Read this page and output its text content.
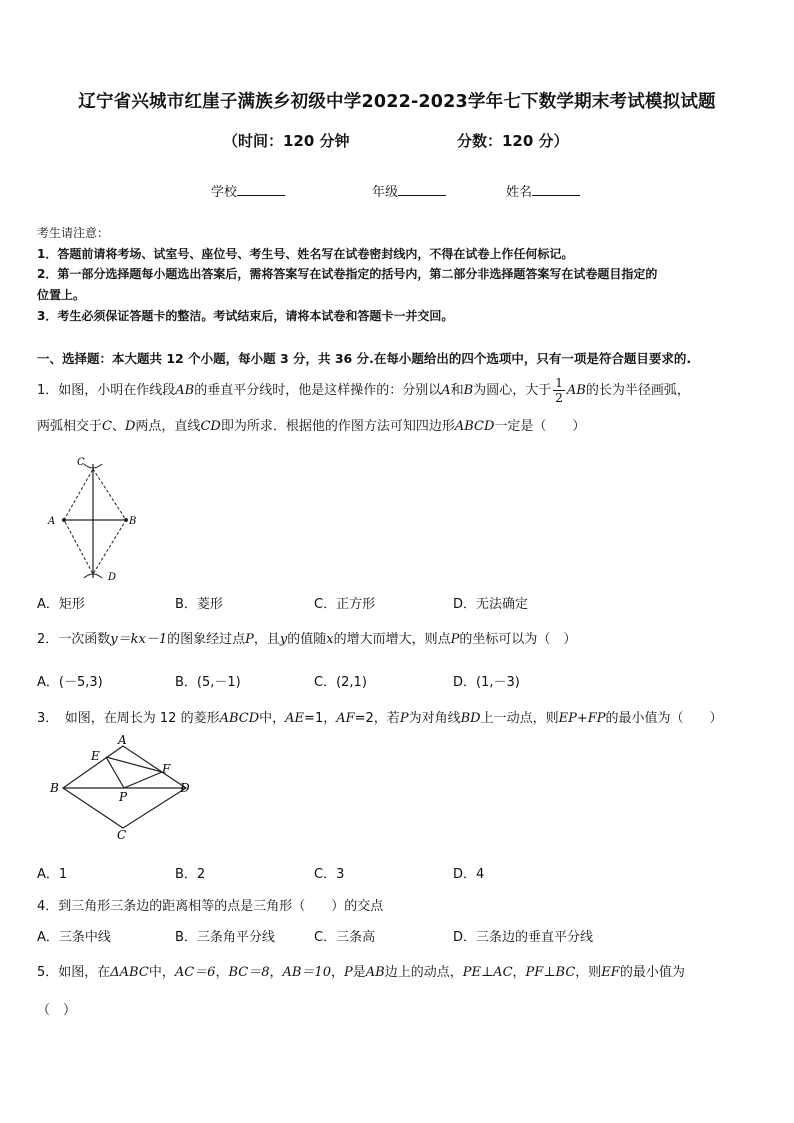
辽宁省兴城市红崖子满族乡初级中学2022-2023学年七下数学期末考试模拟试题
（时间：120 分钟	分数：120 分）
学校	年级	姓名
考生请注意：
1．答题前请将考场、试室号、座位号、考生号、姓名写在试卷密封线内，不得在试卷上作任何标记。
2．第一部分选择题每小题选出答案后，需将答案写在试卷指定的括号内，第二部分非选择题答案写在试卷题目指定的
位置上。
3．考生必须保证答题卡的整洁。考试结束后，请将本试卷和答题卡一并交回。
一、选择题：本大题共 12 个小题，每小题 3 分，共 36 分.在每小题给出的四个选项中，只有一项是符合题目要求的.
1．如图，小明在作线段AB的垂直平分线时，他是这样操作的：分别以A和B为圆心，大于 $\frac{1}{2}$ AB的长为半径画弧，
两弧相交于C、D两点，直线CD即为所求．根据他的作图方法可知四边形ABCD一定是（　　）
C
A	B
D
A．矩形	B．菱形	C．正方形	D．无法确定
2．一次函数y＝kx－1的图象经过点P，且y的值随x的增大而增大，则点P的坐标可以为（　）
A．(－5,3)	B．(5,－1)	C．(2,1)	D．(1,－3)
3．　如图，在周长为 12 的菱形ABCD中，AE=1，AF=2，若P为对角线BD上一动点，则EP+FP的最小值为（　　）
A
E
F
B	D
P
C
A．1	B．2	C．3	D．4
4．到三角形三条边的距离相等的点是三角形（　　）的交点
A．三条中线	B．三条角平分线	C．三条高	D．三条边的垂直平分线
5．如图，在ΔABC中，AC＝6，BC＝8，AB＝10，P是AB边上的动点，PE⊥AC，PF⊥BC，则EF的最小值为
（　）
